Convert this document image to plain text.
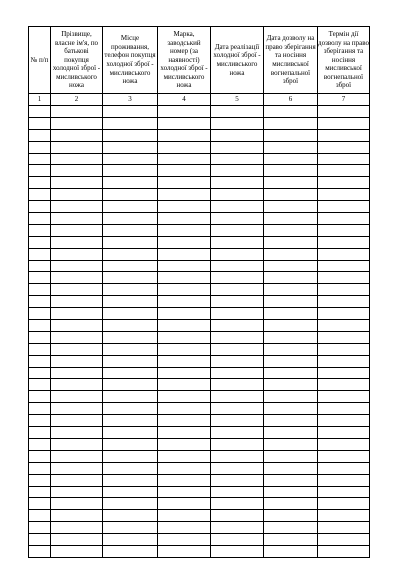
№ п/п	Прізвище, власне ім'я, по батькові покупця холодної зброї - мисливського ножа	Місце проживання, телефон покупця холодної зброї - мисливського ножа	Марка, заводський номер (за наявності) холодної зброї - мисливського ножа	Дата реалізації холодної зброї - мисливського ножа	Дата дозволу на право зберігання та носіння мисливської вогнепальної зброї	Термін дії дозволу на право зберігання та носіння мисливської вогнепальної зброї
1	2	3	4	5	6	7
